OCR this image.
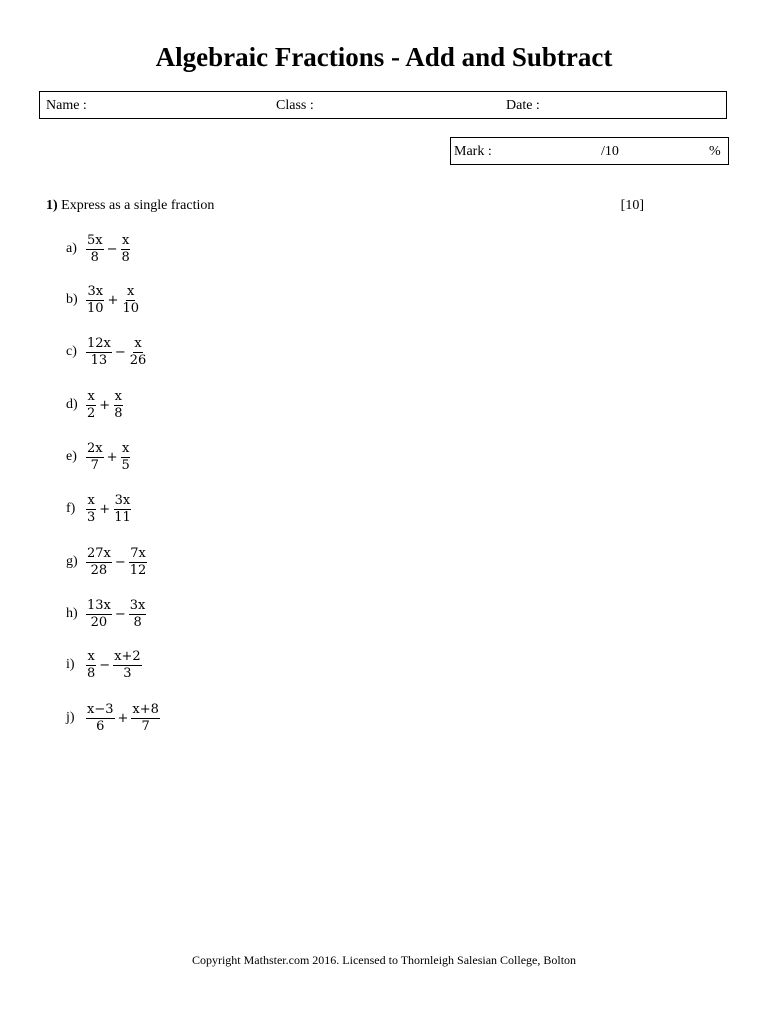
Algebraic Fractions - Add and Subtract
Name :	Class :	Date :
Mark :	/10	%
1) Express as a single fraction	[10]
$a) \frac{5x}{8} - \frac{x}{8}$
$b) \frac{3x}{10} + \frac{x}{10}$
$c) \frac{12x}{13} - \frac{x}{26}$
$d) \frac{x}{2} + \frac{x}{8}$
$e) \frac{2x}{7} + \frac{x}{5}$
$f) \frac{x}{3} + \frac{3x}{11}$
$g) \frac{27x}{28} - \frac{7x}{12}$
$h) \frac{13x}{20} - \frac{3x}{8}$
$i) \frac{x}{8} - \frac{x+2}{3}$
$j) \frac{x-3}{6} + \frac{x+8}{7}$
Copyright Mathster.com 2016. Licensed to Thornleigh Salesian College, Bolton
